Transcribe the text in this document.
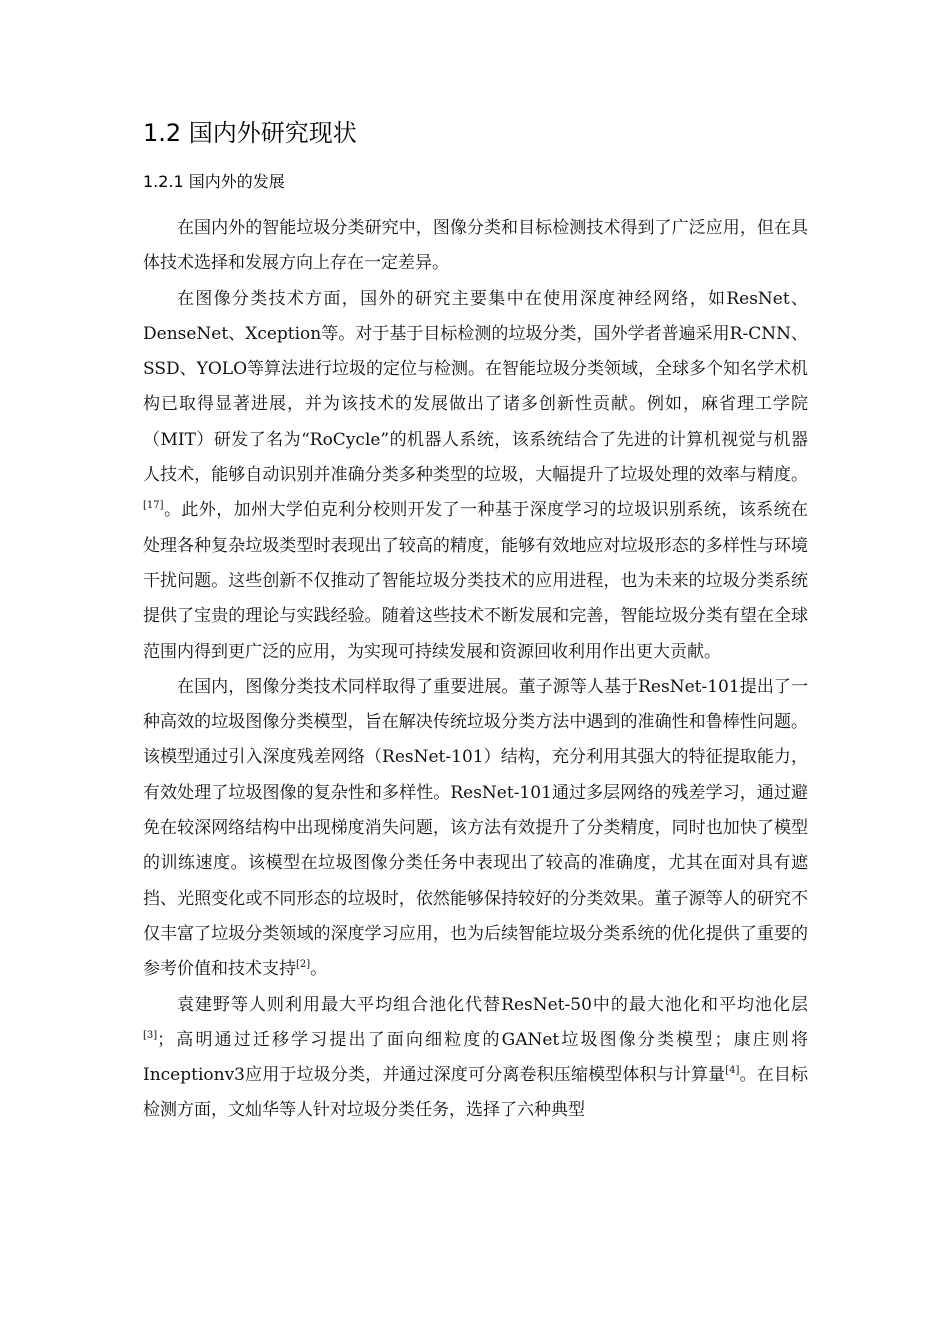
1.2 国内外研究现状
1.2.1 国内外的发展

在国内外的智能垃圾分类研究中，图像分类和目标检测技术得到了广泛应用，但在具体技术选择和发展方向上存在一定差异。

在图像分类技术方面，国外的研究主要集中在使用深度神经网络，如ResNet、DenseNet、Xception等。对于基于目标检测的垃圾分类，国外学者普遍采用R-CNN、SSD、YOLO等算法进行垃圾的定位与检测。在智能垃圾分类领域，全球多个知名学术机构已取得显著进展，并为该技术的发展做出了诸多创新性贡献。例如，麻省理工学院（MIT）研发了名为“RoCycle”的机器人系统，该系统结合了先进的计算机视觉与机器人技术，能够自动识别并准确分类多种类型的垃圾，大幅提升了垃圾处理的效率与精度。[17]。此外，加州大学伯克利分校则开发了一种基于深度学习的垃圾识别系统，该系统在处理各种复杂垃圾类型时表现出了较高的精度，能够有效地应对垃圾形态的多样性与环境干扰问题。这些创新不仅推动了智能垃圾分类技术的应用进程，也为未来的垃圾分类系统提供了宝贵的理论与实践经验。随着这些技术不断发展和完善，智能垃圾分类有望在全球范围内得到更广泛的应用，为实现可持续发展和资源回收利用作出更大贡献。

在国内，图像分类技术同样取得了重要进展。董子源等人基于ResNet-101提出了一种高效的垃圾图像分类模型，旨在解决传统垃圾分类方法中遇到的准确性和鲁棒性问题。该模型通过引入深度残差网络（ResNet-101）结构，充分利用其强大的特征提取能力，有效处理了垃圾图像的复杂性和多样性。ResNet-101通过多层网络的残差学习，通过避免在较深网络结构中出现梯度消失问题，该方法有效提升了分类精度，同时也加快了模型的训练速度。该模型在垃圾图像分类任务中表现出了较高的准确度，尤其在面对具有遮挡、光照变化或不同形态的垃圾时，依然能够保持较好的分类效果。董子源等人的研究不仅丰富了垃圾分类领域的深度学习应用，也为后续智能垃圾分类系统的优化提供了重要的参考价值和技术支持[2]。

袁建野等人则利用最大平均组合池化代替ResNet-50中的最大池化和平均池化层[3]；高明通过迁移学习提出了面向细粒度的GANet垃圾图像分类模型；康庄则将Inceptionv3应用于垃圾分类，并通过深度可分离卷积压缩模型体积与计算量[4]。在目标检测方面，文灿华等人针对垃圾分类任务，选择了六种典型
